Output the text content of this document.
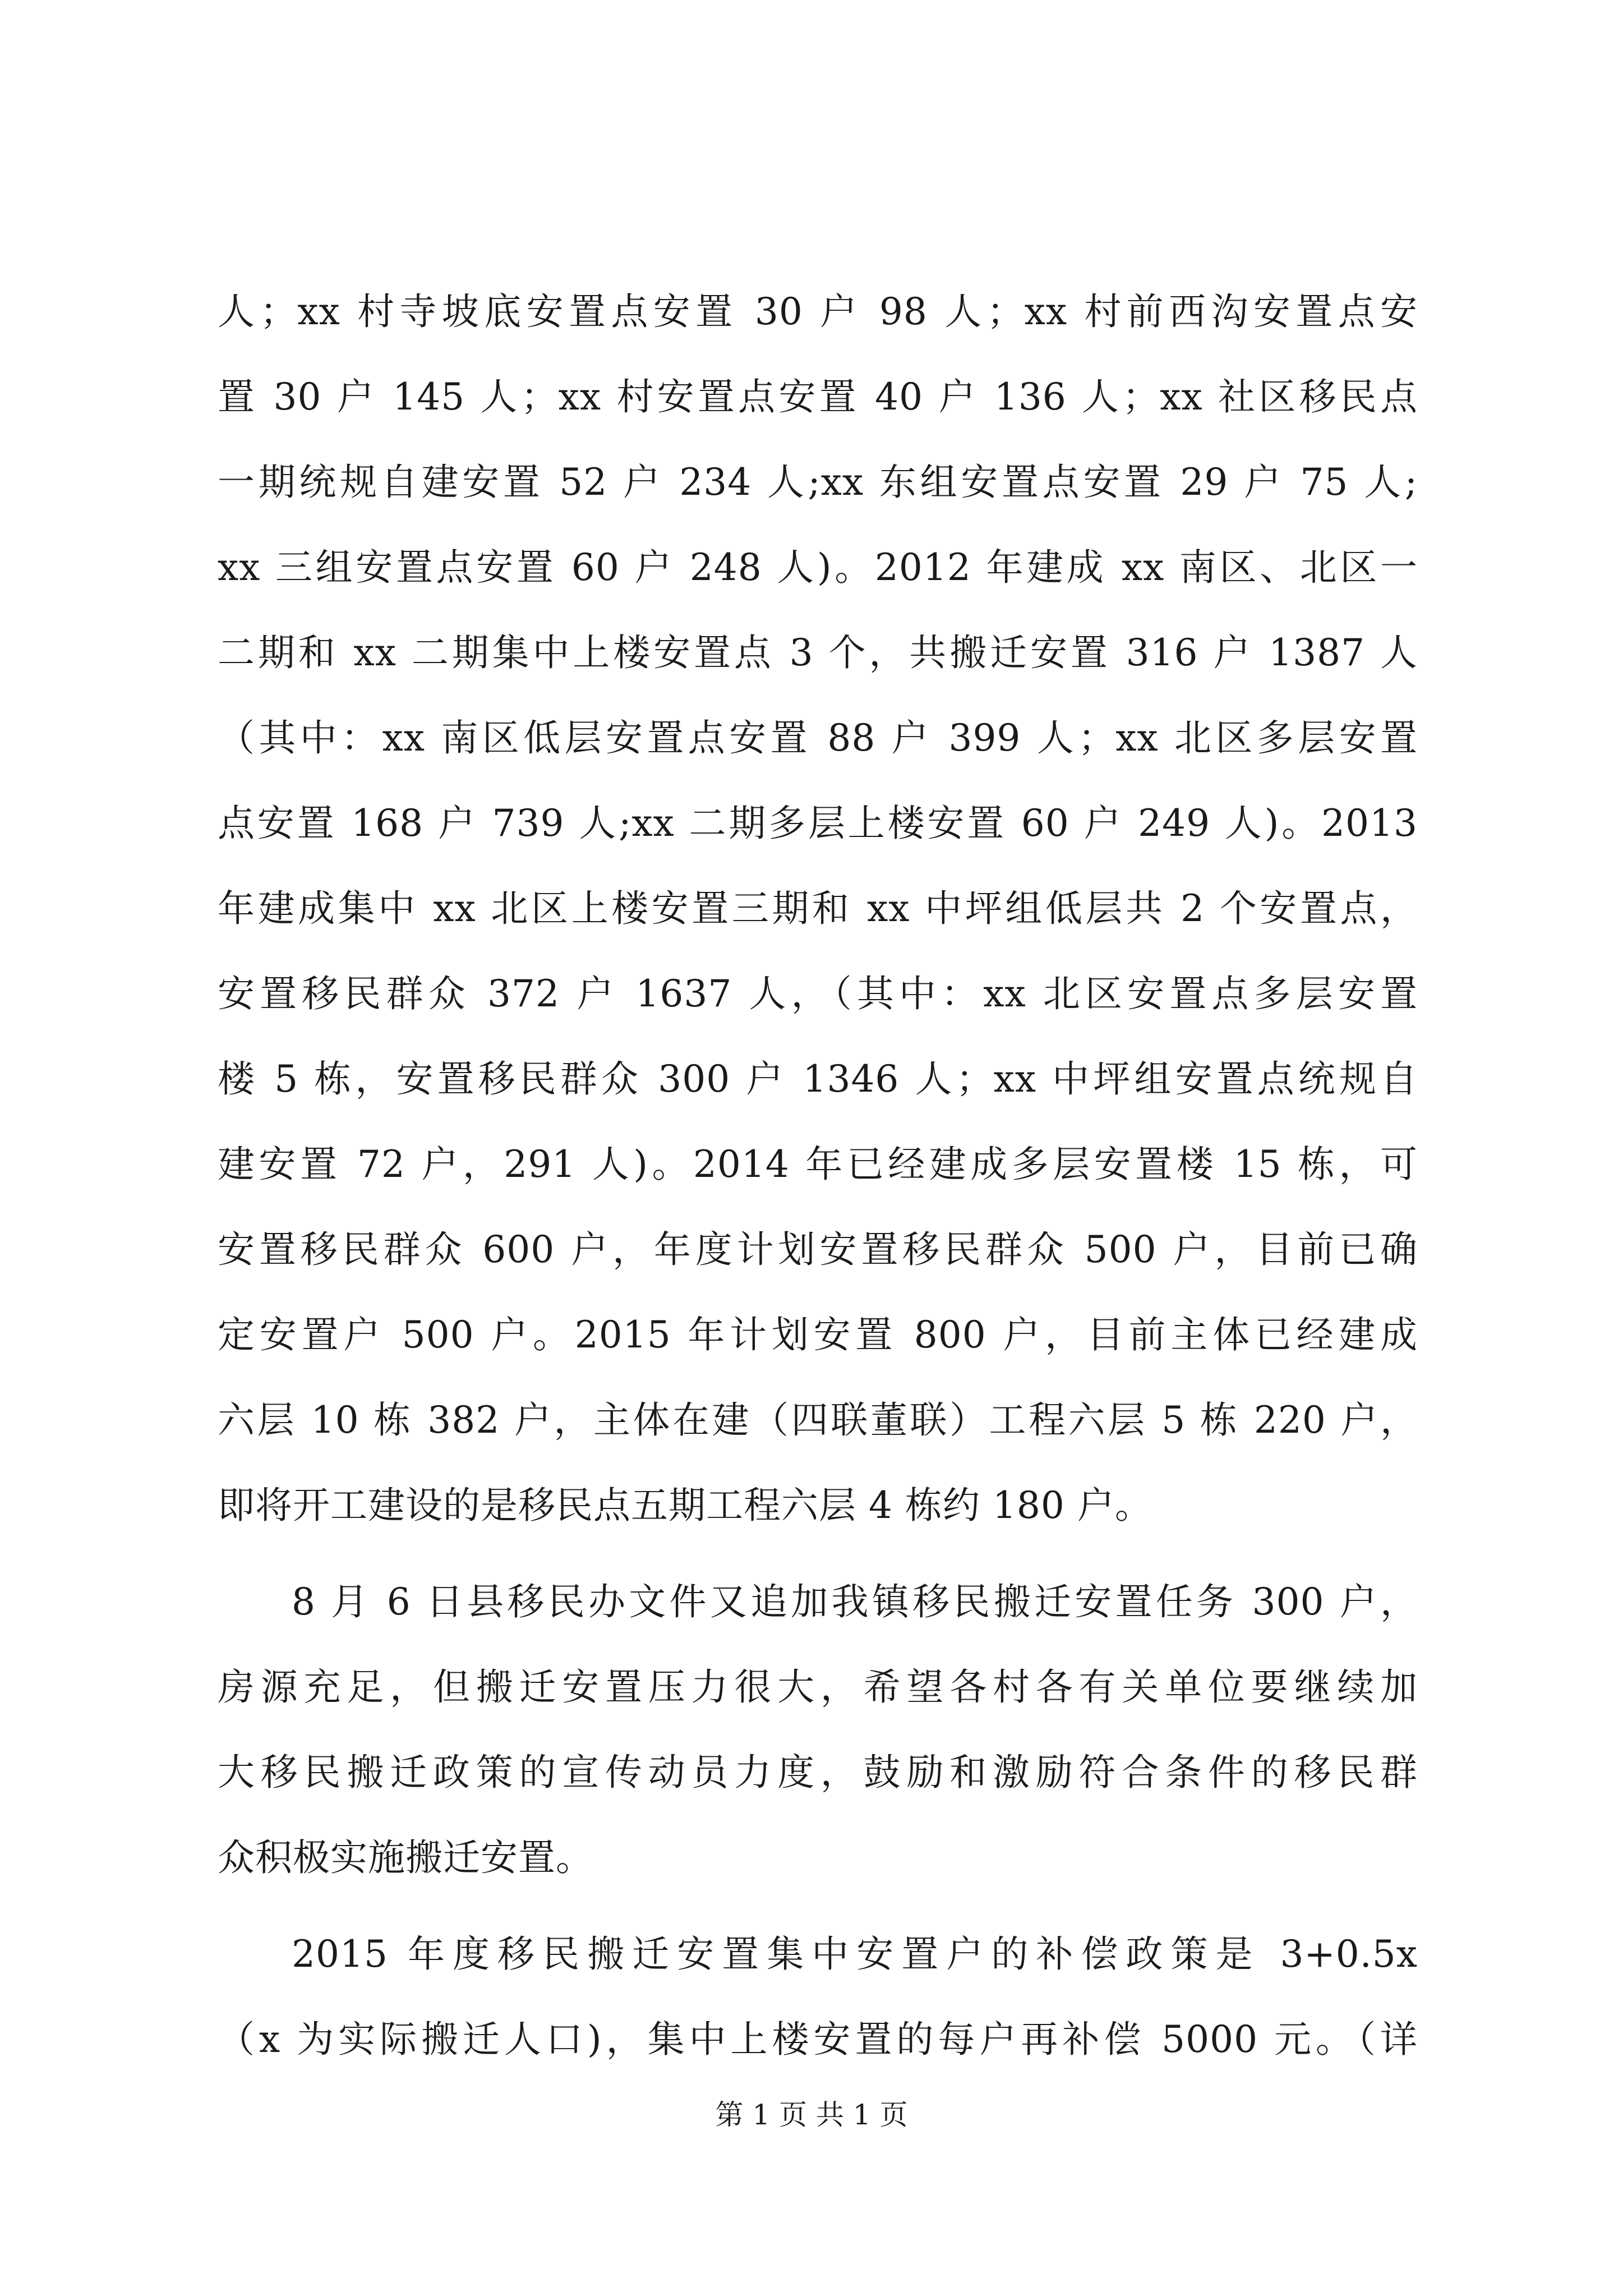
人；xx 村寺坡底安置点安置 30 户 98 人；xx 村前西沟安置点安
置 30 户 145 人；xx 村安置点安置 40 户 136 人；xx 社区移民点
一期统规自建安置 52 户 234 人;xx 东组安置点安置 29 户 75 人;
xx 三组安置点安置 60 户 248 人)。2012 年建成 xx 南区、北区一
二期和 xx 二期集中上楼安置点 3 个，共搬迁安置 316 户 1387 人
（其中：xx 南区低层安置点安置 88 户 399 人；xx 北区多层安置
点安置 168 户 739 人;xx 二期多层上楼安置 60 户 249 人)。2013
年建成集中 xx 北区上楼安置三期和 xx 中坪组低层共 2 个安置点，
安置移民群众 372 户 1637 人，（其中：xx 北区安置点多层安置
楼 5 栋，安置移民群众 300 户 1346 人；xx 中坪组安置点统规自
建安置 72 户，291 人)。2014 年已经建成多层安置楼 15 栋，可
安置移民群众 600 户，年度计划安置移民群众 500 户，目前已确
定安置户 500 户。2015 年计划安置 800 户，目前主体已经建成
六层 10 栋 382 户，主体在建（四联董联）工程六层 5 栋 220 户，
即将开工建设的是移民点五期工程六层 4 栋约 180 户。
8 月 6 日县移民办文件又追加我镇移民搬迁安置任务 300 户，
房源充足，但搬迁安置压力很大，希望各村各有关单位要继续加
大移民搬迁政策的宣传动员力度，鼓励和激励符合条件的移民群
众积极实施搬迁安置。
2015 年度移民搬迁安置集中安置户的补偿政策是 3+0.5x
（x 为实际搬迁人口)，集中上楼安置的每户再补偿 5000 元。（详
第 1 页 共 1 页
